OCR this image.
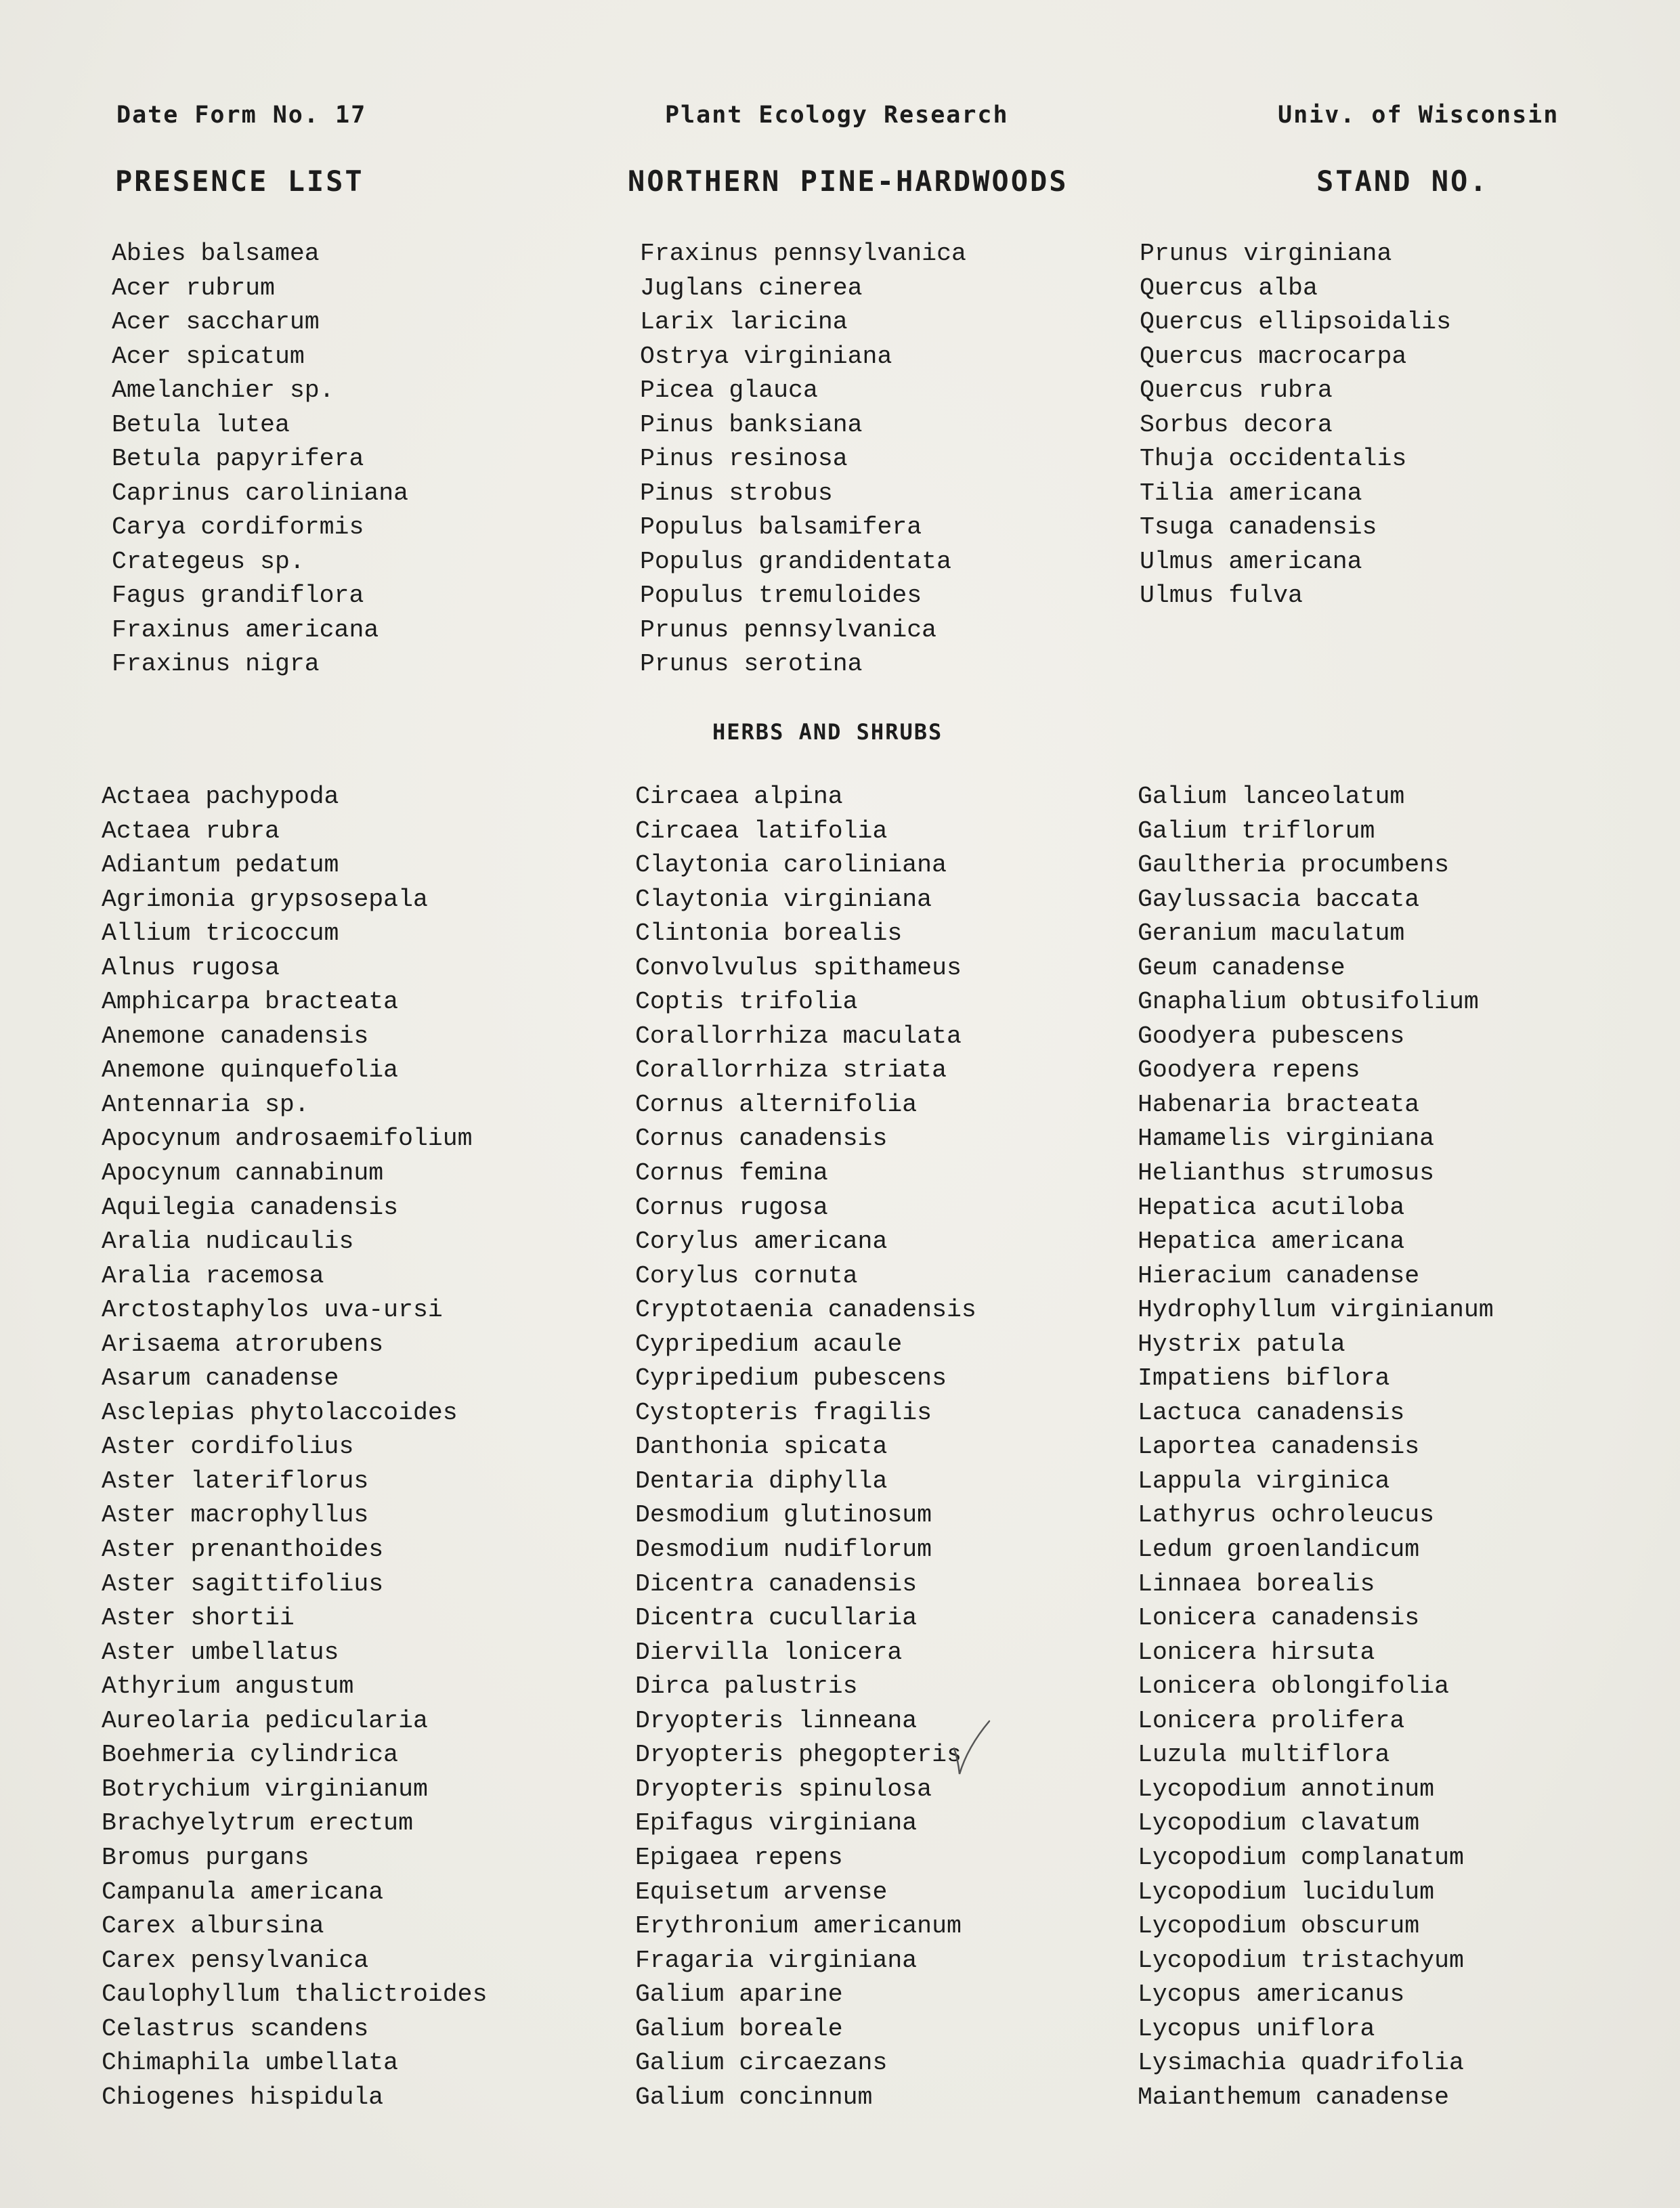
Date Form No. 17	Plant Ecology Research	Univ. of Wisconsin
PRESENCE LIST	NORTHERN PINE-HARDWOODS	STAND NO.
Abies balsamea
Acer rubrum
Acer saccharum
Acer spicatum
Amelanchier sp.
Betula lutea
Betula papyrifera
Caprinus caroliniana
Carya cordiformis
Crategeus sp.
Fagus grandiflora
Fraxinus americana
Fraxinus nigra
Fraxinus pennsylvanica
Juglans cinerea
Larix laricina
Ostrya virginiana
Picea glauca
Pinus banksiana
Pinus resinosa
Pinus strobus
Populus balsamifera
Populus grandidentata
Populus tremuloides
Prunus pennsylvanica
Prunus serotina
Prunus virginiana
Quercus alba
Quercus ellipsoidalis
Quercus macrocarpa
Quercus rubra
Sorbus decora
Thuja occidentalis
Tilia americana
Tsuga canadensis
Ulmus americana
Ulmus fulva
HERBS AND SHRUBS
Actaea pachypoda
Actaea rubra
Adiantum pedatum
Agrimonia grypsosepala
Allium tricoccum
Alnus rugosa
Amphicarpa bracteata
Anemone canadensis
Anemone quinquefolia
Antennaria sp.
Apocynum androsaemifolium
Apocynum cannabinum
Aquilegia canadensis
Aralia nudicaulis
Aralia racemosa
Arctostaphylos uva-ursi
Arisaema atrorubens
Asarum canadense
Asclepias phytolaccoides
Aster cordifolius
Aster lateriflorus
Aster macrophyllus
Aster prenanthoides
Aster sagittifolius
Aster shortii
Aster umbellatus
Athyrium angustum
Aureolaria pedicularia
Boehmeria cylindrica
Botrychium virginianum
Brachyelytrum erectum
Bromus purgans
Campanula americana
Carex albursina
Carex pensylvanica
Caulophyllum thalictroides
Celastrus scandens
Chimaphila umbellata
Chiogenes hispidula
Circaea alpina
Circaea latifolia
Claytonia caroliniana
Claytonia virginiana
Clintonia borealis
Convolvulus spithameus
Coptis trifolia
Corallorrhiza maculata
Corallorrhiza striata
Cornus alternifolia
Cornus canadensis
Cornus femina
Cornus rugosa
Corylus americana
Corylus cornuta
Cryptotaenia canadensis
Cypripedium acaule
Cypripedium pubescens
Cystopteris fragilis
Danthonia spicata
Dentaria diphylla
Desmodium glutinosum
Desmodium nudiflorum
Dicentra canadensis
Dicentra cucullaria
Diervilla lonicera
Dirca palustris
Dryopteris linneana
Dryopteris phegopteris
Dryopteris spinulosa
Epifagus virginiana
Epigaea repens
Equisetum arvense
Erythronium americanum
Fragaria virginiana
Galium aparine
Galium boreale
Galium circaezans
Galium concinnum
Galium lanceolatum
Galium triflorum
Gaultheria procumbens
Gaylussacia baccata
Geranium maculatum
Geum canadense
Gnaphalium obtusifolium
Goodyera pubescens
Goodyera repens
Habenaria bracteata
Hamamelis virginiana
Helianthus strumosus
Hepatica acutiloba
Hepatica americana
Hieracium canadense
Hydrophyllum virginianum
Hystrix patula
Impatiens biflora
Lactuca canadensis
Laportea canadensis
Lappula virginica
Lathyrus ochroleucus
Ledum groenlandicum
Linnaea borealis
Lonicera canadensis
Lonicera hirsuta
Lonicera oblongifolia
Lonicera prolifera
Luzula multiflora
Lycopodium annotinum
Lycopodium clavatum
Lycopodium complanatum
Lycopodium lucidulum
Lycopodium obscurum
Lycopodium tristachyum
Lycopus americanus
Lycopus uniflora
Lysimachia quadrifolia
Maianthemum canadense
